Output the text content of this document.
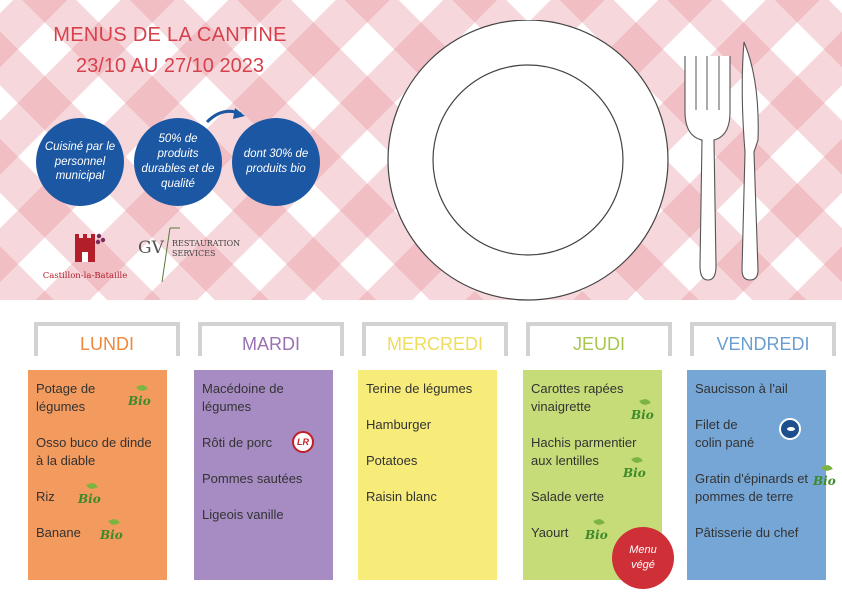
MENUS DE LA CANTINE
23/10 AU 27/10 2023
Cuisiné par le personnel municipal
50% de produits durables et de qualité
dont 30% de produits bio
Castillon-la-Bataille
GV RESTAURATION
SERVICES
LUNDI	MARDI	MERCREDI	JEUDI	VENDREDI
Potage de légumes	Bio
Osso buco de dinde à la diable
Riz Bio
Banane Bio
Macédoine de légumes
Rôti de porc	LR
Pommes sautées
Ligeois vanille
Terine de légumes
Hamburger
Potatoes
Raisin blanc
Carottes rapées vinaigrette
Bio
Hachis parmentier aux lentilles
Bio
Salade verte
Yaourt Bio
Saucisson à l'ail
Filet de colin pané
Gratin d'épinards et pommes de terre
Bio
Pâtisserie du chef
Menu
végé
